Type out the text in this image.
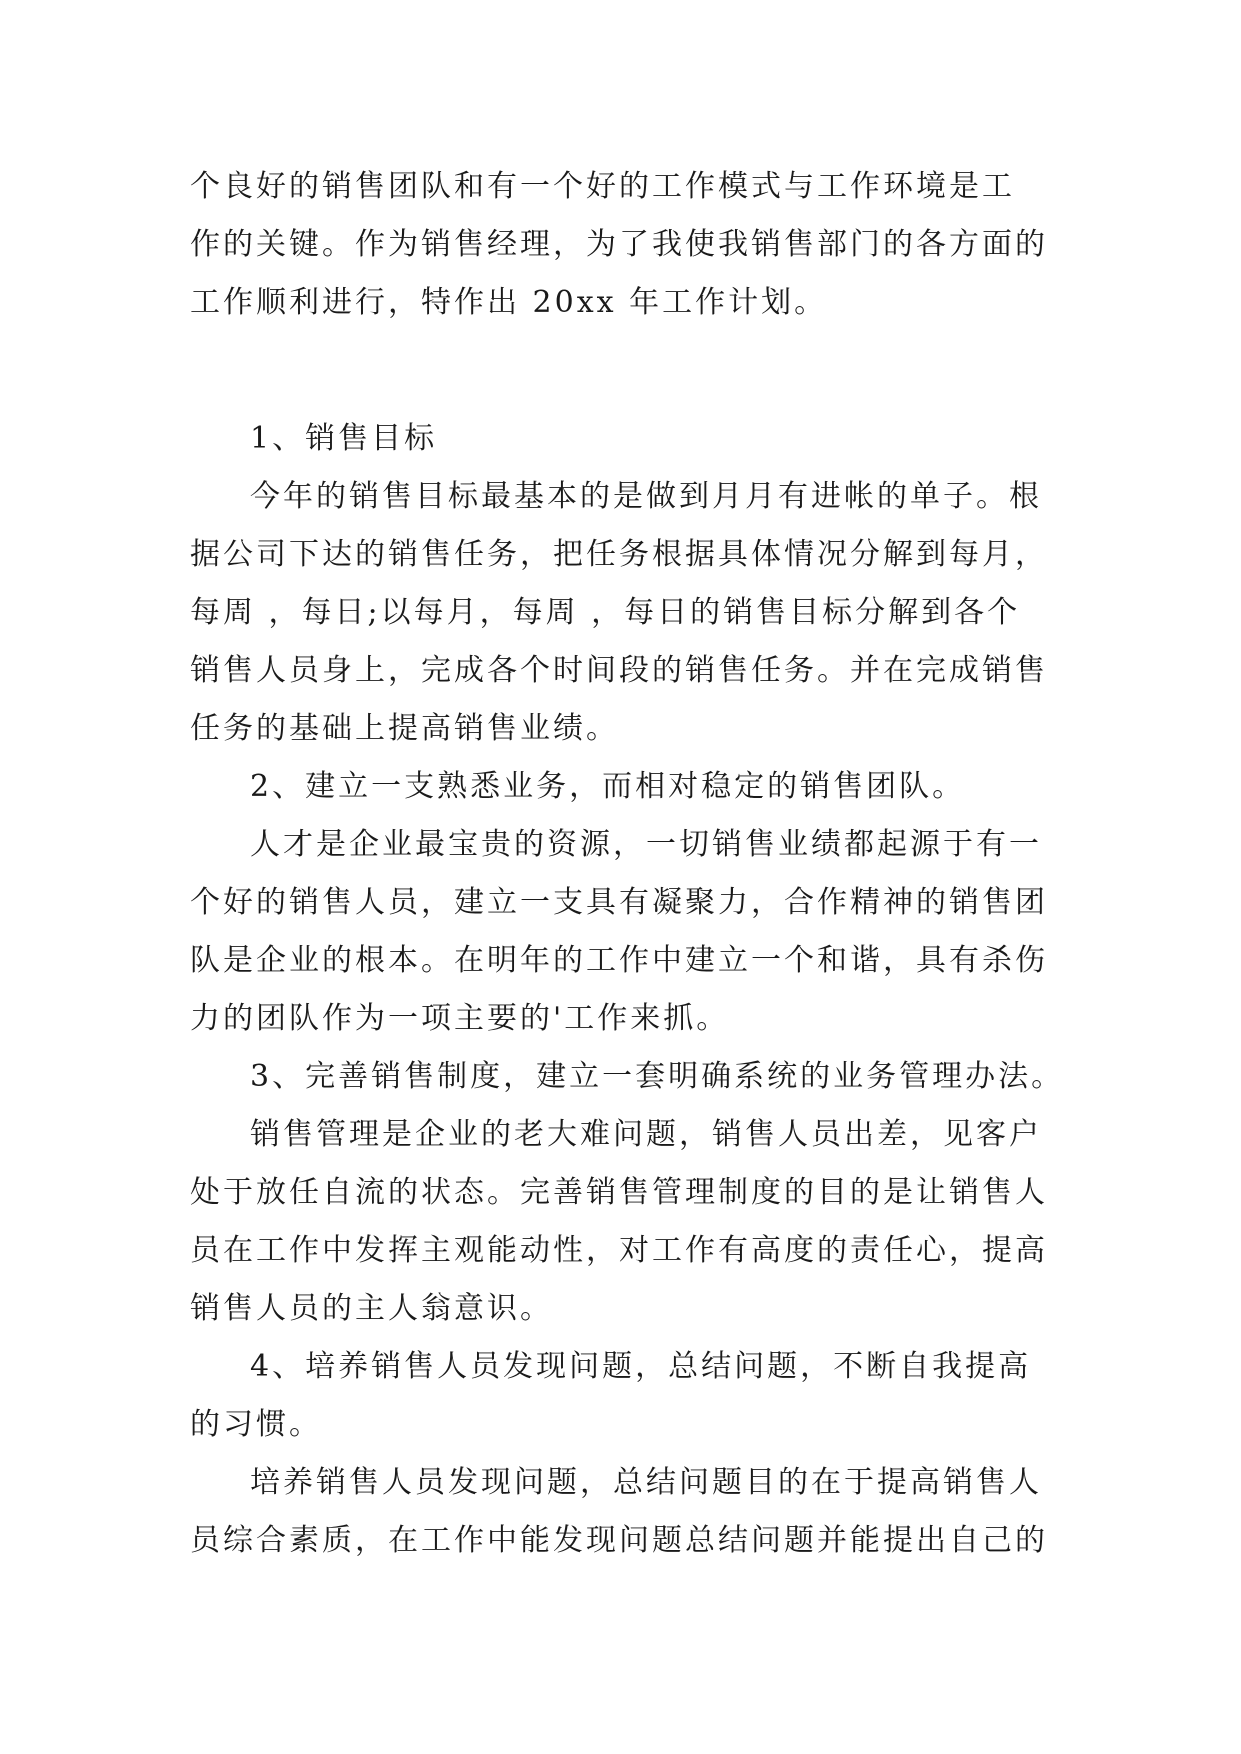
个良好的销售团队和有一个好的工作模式与工作环境是工
作的关键。作为销售经理，为了我使我销售部门的各方面的
工作顺利进行，特作出 20xx 年工作计划。
1、销售目标
今年的销售目标最基本的是做到月月有进帐的单子。根
据公司下达的销售任务，把任务根据具体情况分解到每月，
每周 ，每日;以每月，每周 ，每日的销售目标分解到各个
销售人员身上，完成各个时间段的销售任务。并在完成销售
任务的基础上提高销售业绩。
2、建立一支熟悉业务，而相对稳定的销售团队。
人才是企业最宝贵的资源，一切销售业绩都起源于有一
个好的销售人员，建立一支具有凝聚力，合作精神的销售团
队是企业的根本。在明年的工作中建立一个和谐，具有杀伤
力的团队作为一项主要的'工作来抓。
3、完善销售制度，建立一套明确系统的业务管理办法。
销售管理是企业的老大难问题，销售人员出差，见客户
处于放任自流的状态。完善销售管理制度的目的是让销售人
员在工作中发挥主观能动性，对工作有高度的责任心，提高
销售人员的主人翁意识。
4、培养销售人员发现问题，总结问题，不断自我提高
的习惯。
培养销售人员发现问题，总结问题目的在于提高销售人
员综合素质，在工作中能发现问题总结问题并能提出自己的
